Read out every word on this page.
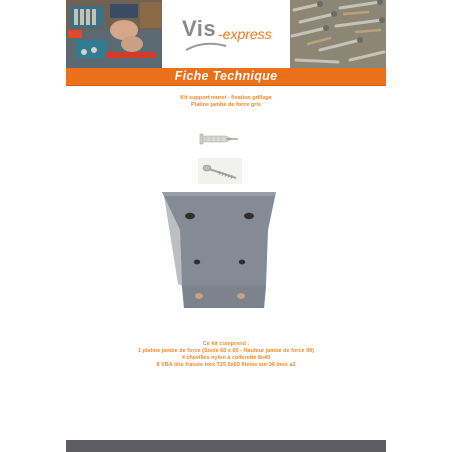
Vis -express
Fiche Technique
Kit support muret - fixation grillage
Platine jambe de force gris
Ce kit comprend :
1 platine jambe de force (Socle 60 x 60 - Hauteur jambe de force 99)
4 chevilles nylon à collerette 8x40
8 VBA tête fraisée torx T25 5x60 filetée sur 36 Inox a2
